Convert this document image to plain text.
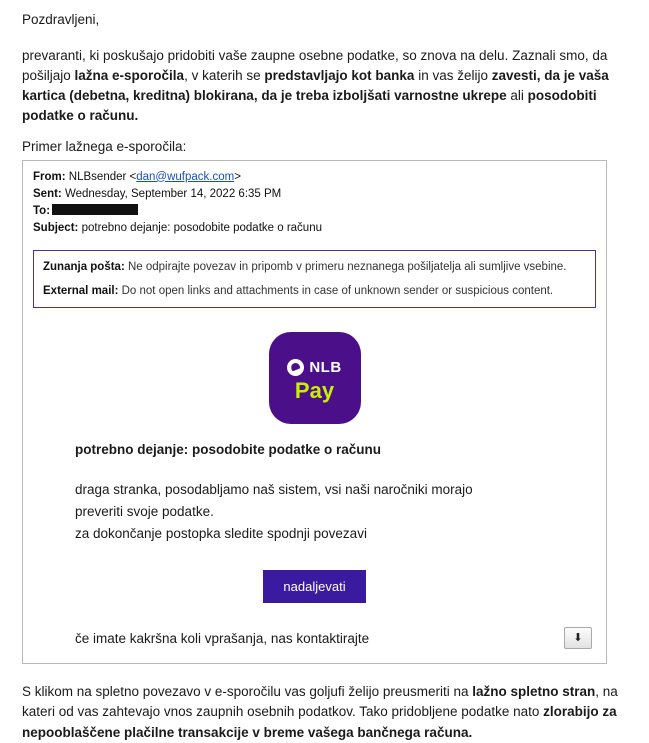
Pozdravljeni,

prevaranti, ki poskušajo pridobiti vaše zaupne osebne podatke, so znova na delu. Zaznali smo, da pošiljajo lažna e-sporočila, v katerih se predstavljajo kot banka in vas želijo zavesti, da je vaša kartica (debetna, kreditna) blokirana, da je treba izboljšati varnostne ukrepe ali posodobiti podatke o računu.

Primer lažnega e-sporočila:

From: NLBsender <dan@wufpack.com>
Sent: Wednesday, September 14, 2022 6:35 PM
To:
Subject: potrebno dejanje: posodobite podatke o računu
Zunanja pošta: Ne odpirajte povezav in pripomb v primeru neznanega pošiljatelja ali sumljive vsebine.
External mail: Do not open links and attachments in case of unknown sender or suspicious content.
NLB
Pay
potrebno dejanje: posodobite podatke o računu
draga stranka, posodabljamo naš sistem, vsi naši naročniki morajo
preveriti svoje podatke.
za dokončanje postopka sledite spodnji povezavi
nadaljevati
če imate kakršna koli vprašanja, nas kontaktirajte	⬇

S klikom na spletno povezavo v e-sporočilu vas goljufi želijo preusmeriti na lažno spletno stran, na kateri od vas zahtevajo vnos zaupnih osebnih podatkov. Tako pridobljene podatke nato zlorabijo za nepooblaščene plačilne transakcije v breme vašega bančnega računa.
